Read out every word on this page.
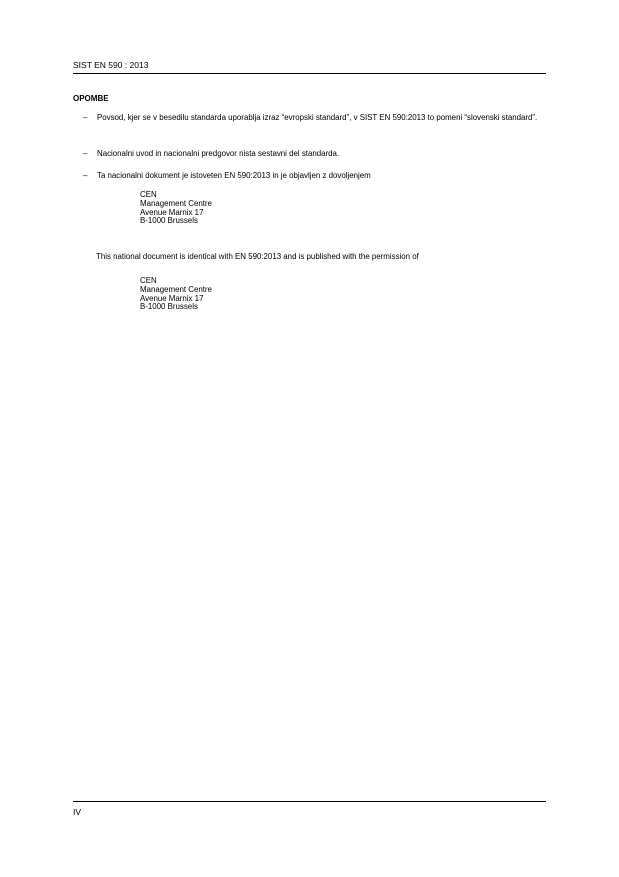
SIST EN 590 : 2013
OPOMBE
– Povsod, kjer se v besedilu standarda uporablja izraz “evropski standard”, v SIST EN 590:2013 to pomeni “slovenski standard”.
– Nacionalni uvod in nacionalni predgovor nista sestavni del standarda.
– Ta nacionalni dokument je istoveten EN 590:2013 in je objavljen z dovoljenjem
CEN
Management Centre
Avenue Marnix 17
B-1000 Brussels
This national document is identical with EN 590:2013 and is published with the permission of
CEN
Management Centre
Avenue Marnix 17
B-1000 Brussels
IV
